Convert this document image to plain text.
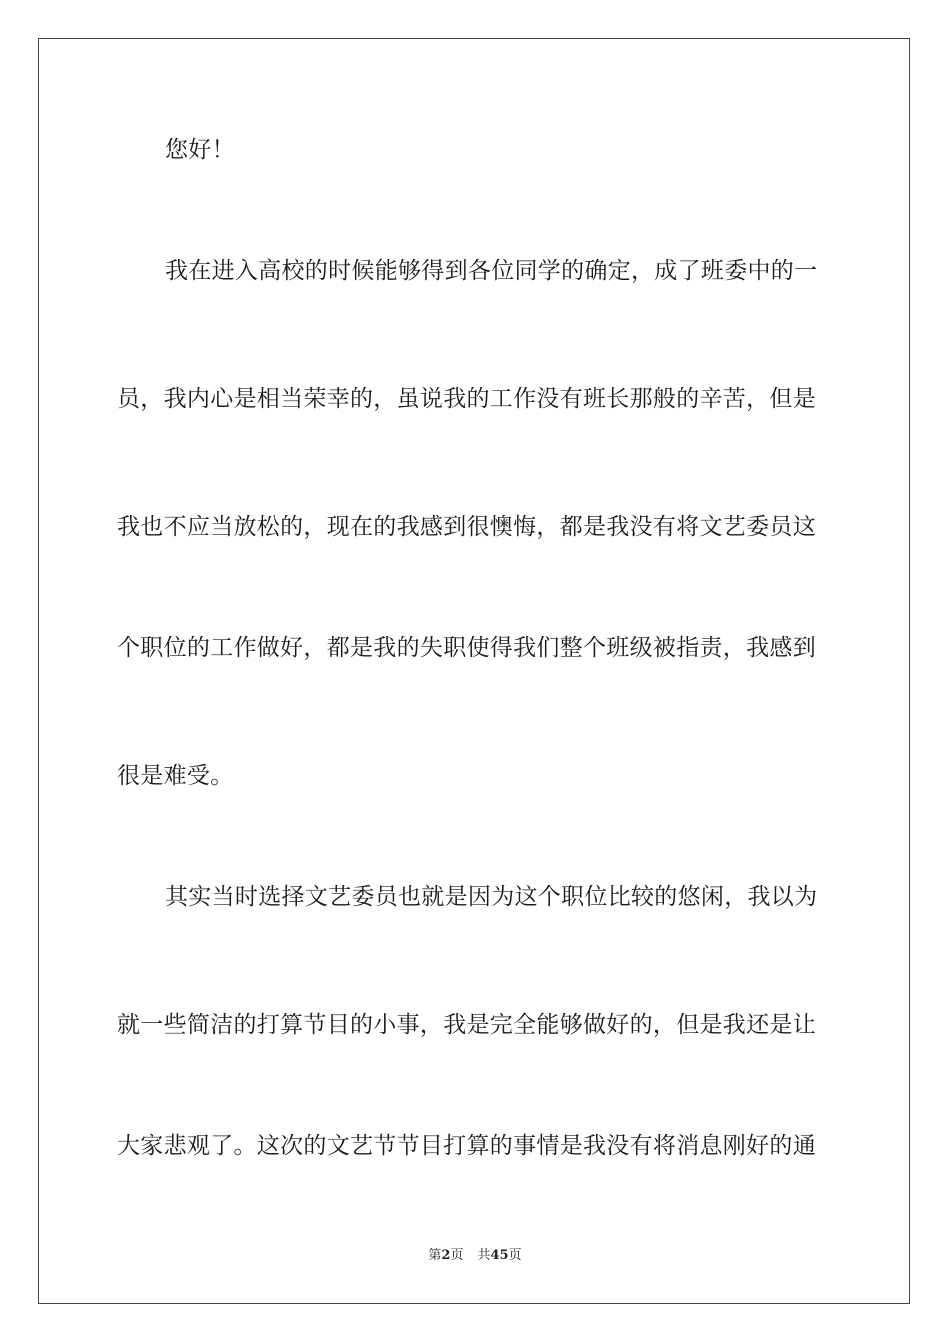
您好！
我在进入高校的时候能够得到各位同学的确定，成了班委中的一
员，我内心是相当荣幸的，虽说我的工作没有班长那般的辛苦，但是
我也不应当放松的，现在的我感到很懊悔，都是我没有将文艺委员这
个职位的工作做好，都是我的失职使得我们整个班级被指责，我感到
很是难受。
其实当时选择文艺委员也就是因为这个职位比较的悠闲，我以为
就一些简洁的打算节目的小事，我是完全能够做好的，但是我还是让
大家悲观了。这次的文艺节节目打算的事情是我没有将消息刚好的通
第2页 共45页
